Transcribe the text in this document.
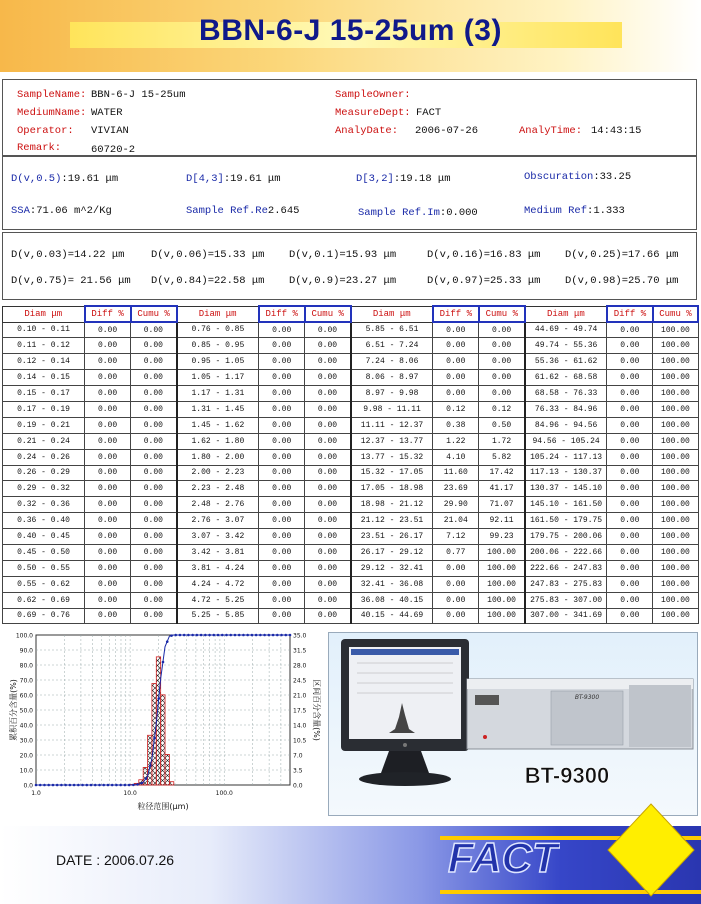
BBN-6-J 15-25um (3)
SampleName: BBN-6-J 15-25um	SampleOwner:
MediumName: WATER	MeasureDept: FACT
Operator: VIVIAN	AnalyDate: 2006-07-26	AnalyTime: 14:43:15
Remark:	60720-2
D(v,0.5):19.61 μm	D[4,3]:19.61 μm	D[3,2]:19.18 μm	Obscuration:33.25
SSA:71.06 m^2/Kg	Sample Ref.Re2.645	Sample Ref.Im:0.000	Medium Ref:1.333
D(v,0.03)=14.22 μm	D(v,0.06)=15.33 μm D(v,0.1)=15.93 μm	D(v,0.16)=16.83 μm D(v,0.25)=17.66 μm
D(v,0.75)= 21.56 μm D(v,0.84)=22.58 μm D(v,0.9)=23.27 μm	D(v,0.97)=25.33 μm D(v,0.98)=25.70 μm
Diam μm	Diff %	Cumu %	Diam μm	Diff %	Cumu %	Diam μm	Diff %	Cumu %	Diam μm	Diff %	Cumu %
0.10 - 0.11	0.00	0.00	0.76 - 0.85	0.00	0.00	5.85 - 6.51	0.00	0.00	44.69 - 49.74	0.00	100.00
0.11 - 0.12	0.00	0.00	0.85 - 0.95	0.00	0.00	6.51 - 7.24	0.00	0.00	49.74 - 55.36	0.00	100.00
0.12 - 0.14	0.00	0.00	0.95 - 1.05	0.00	0.00	7.24 - 8.06	0.00	0.00	55.36 - 61.62	0.00	100.00
0.14 - 0.15	0.00	0.00	1.05 - 1.17	0.00	0.00	8.06 - 8.97	0.00	0.00	61.62 - 68.58	0.00	100.00
0.15 - 0.17	0.00	0.00	1.17 - 1.31	0.00	0.00	8.97 - 9.98	0.00	0.00	68.58 - 76.33	0.00	100.00
0.17 - 0.19	0.00	0.00	1.31 - 1.45	0.00	0.00	9.98 - 11.11	0.12	0.12	76.33 - 84.96	0.00	100.00
0.19 - 0.21	0.00	0.00	1.45 - 1.62	0.00	0.00	11.11 - 12.37	0.38	0.50	84.96 - 94.56	0.00	100.00
0.21 - 0.24	0.00	0.00	1.62 - 1.80	0.00	0.00	12.37 - 13.77	1.22	1.72	94.56 - 105.24	0.00	100.00
0.24 - 0.26	0.00	0.00	1.80 - 2.00	0.00	0.00	13.77 - 15.32	4.10	5.82	105.24 - 117.13	0.00	100.00
0.26 - 0.29	0.00	0.00	2.00 - 2.23	0.00	0.00	15.32 - 17.05	11.60	17.42	117.13 - 130.37	0.00	100.00
0.29 - 0.32	0.00	0.00	2.23 - 2.48	0.00	0.00	17.05 - 18.98	23.69	41.17	130.37 - 145.10	0.00	100.00
0.32 - 0.36	0.00	0.00	2.48 - 2.76	0.00	0.00	18.98 - 21.12	29.90	71.07	145.10 - 161.50	0.00	100.00
0.36 - 0.40	0.00	0.00	2.76 - 3.07	0.00	0.00	21.12 - 23.51	21.04	92.11	161.50 - 179.75	0.00	100.00
0.40 - 0.45	0.00	0.00	3.07 - 3.42	0.00	0.00	23.51 - 26.17	7.12	99.23	179.75 - 200.06	0.00	100.00
0.45 - 0.50	0.00	0.00	3.42 - 3.81	0.00	0.00	26.17 - 29.12	0.77	100.00	200.06 - 222.66	0.00	100.00
0.50 - 0.55	0.00	0.00	3.81 - 4.24	0.00	0.00	29.12 - 32.41	0.00	100.00	222.66 - 247.83	0.00	100.00
0.55 - 0.62	0.00	0.00	4.24 - 4.72	0.00	0.00	32.41 - 36.08	0.00	100.00	247.83 - 275.83	0.00	100.00
0.62 - 0.69	0.00	0.00	4.72 - 5.25	0.00	0.00	36.08 - 40.15	0.00	100.00	275.83 - 307.00	0.00	100.00
0.69 - 0.76	0.00	0.00	5.25 - 5.85	0.00	0.00	40.15 - 44.69	0.00	100.00	307.00 - 341.69	0.00	100.00
0.0
10.0
20.0
30.0
40.0
50.0
60.0
70.0
80.0
90.0
100.0
0.0
3.5
7.0
10.5
14.0
17.5
21.0
24.5
28.0
31.5
35.0
1.0	10.0	100.0
累积百分含量(%)	区间百分含量(%)
粒径范围(μm)
BT-9300
BT-9300
DATE : 2006.07.26	FACT
